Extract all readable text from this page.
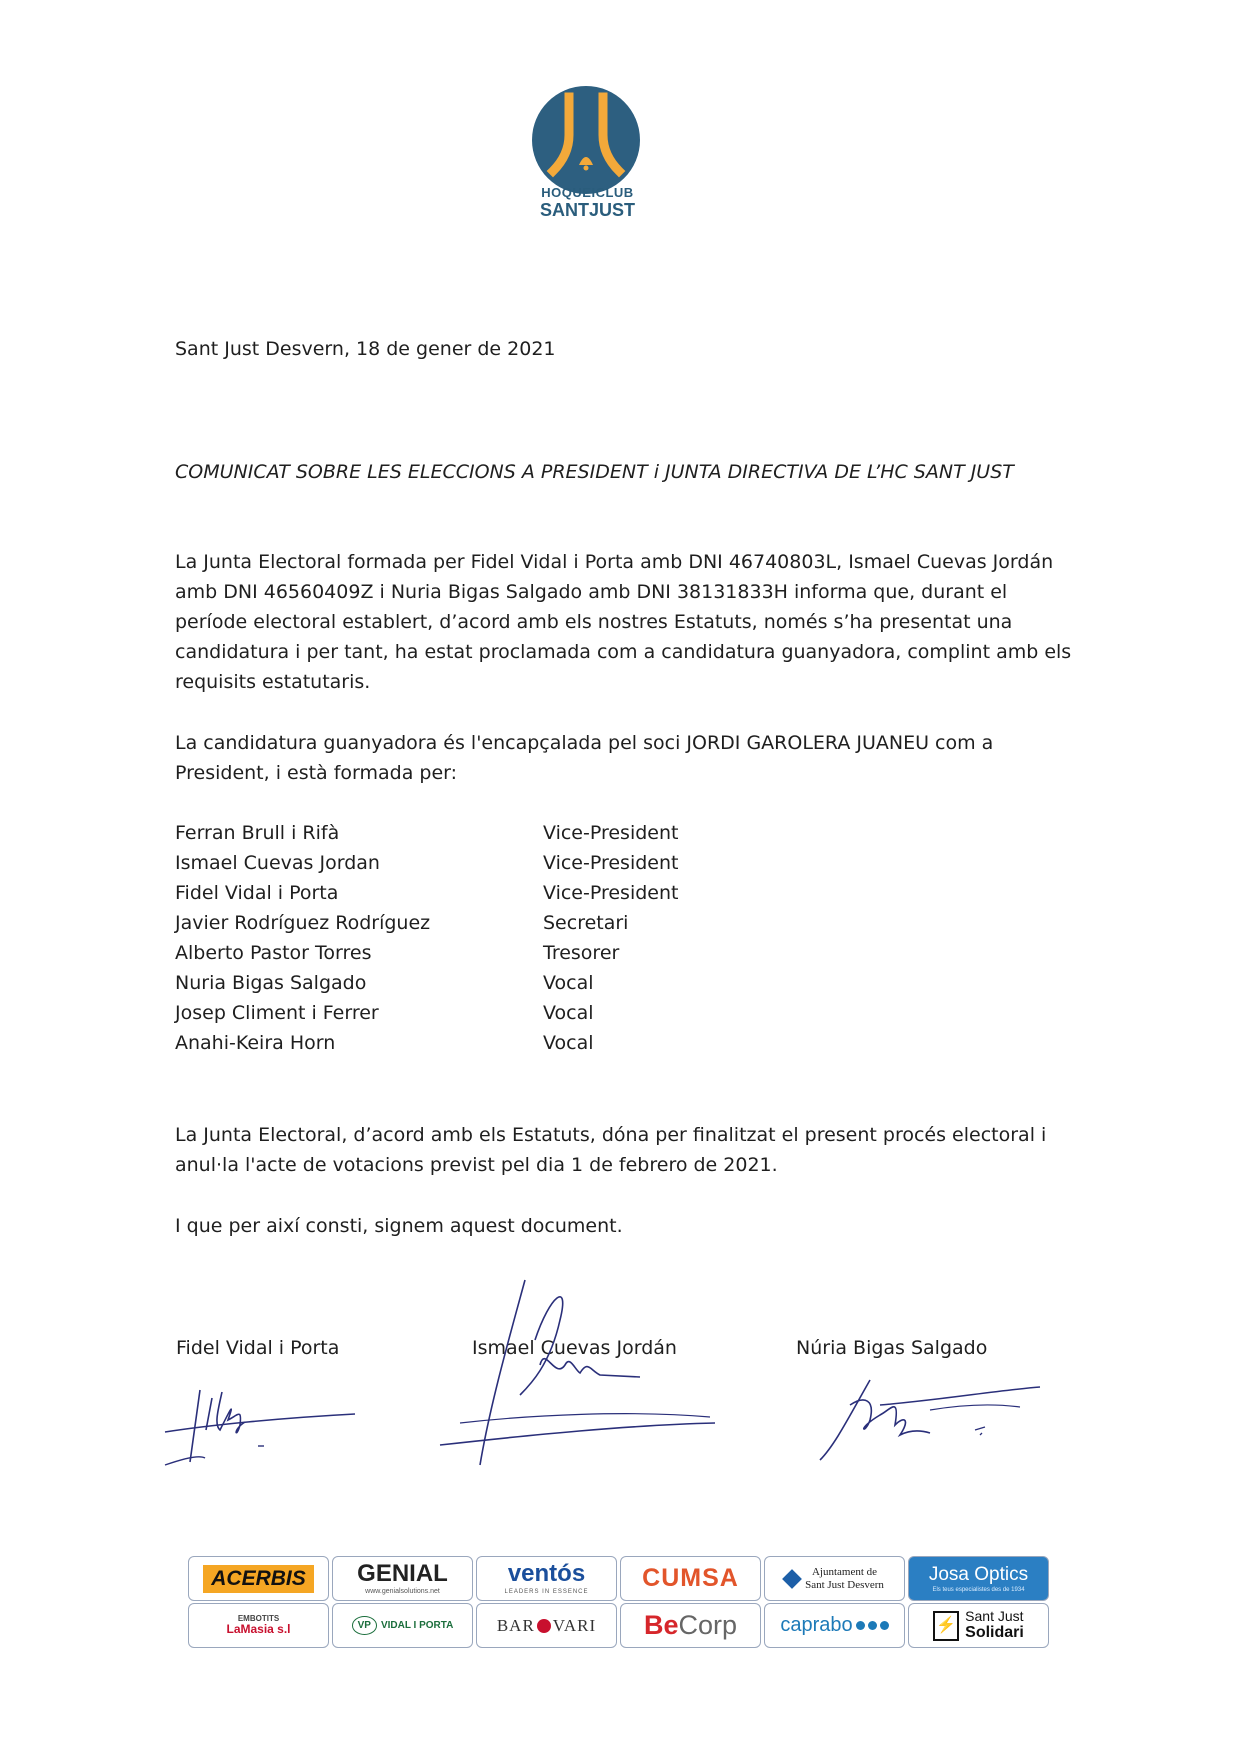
HOQUEICLUB
SANTJUST
Sant Just Desvern, 18 de gener de 2021
COMUNICAT SOBRE LES ELECCIONS A PRESIDENT i JUNTA DIRECTIVA DE L’HC SANT JUST
La Junta Electoral formada per Fidel Vidal i Porta amb DNI 46740803L, Ismael Cuevas Jordán amb DNI 46560409Z i Nuria Bigas Salgado amb DNI 38131833H informa que, durant el període electoral establert, d’acord amb els nostres Estatuts, només s’ha presentat una candidatura i per tant, ha estat proclamada com a candidatura guanyadora, complint amb els requisits estatutaris.
La candidatura guanyadora és l'encapçalada pel soci JORDI GAROLERA JUANEU com a President, i està formada per:
Ferran Brull i Rifà	Vice-President
Ismael Cuevas Jordan	Vice-President
Fidel Vidal i Porta	Vice-President
Javier Rodríguez Rodríguez	Secretari
Alberto Pastor Torres	Tresorer
Nuria Bigas Salgado	Vocal
Josep Climent i Ferrer	Vocal
Anahi-Keira Horn	Vocal
La Junta Electoral, d’acord amb els Estatuts, dóna per finalitzat el present procés electoral i anul·la l'acte de votacions previst pel dia 1 de febrero de 2021.
I que per així consti, signem aquest document.
Fidel Vidal i Porta	Ismael Cuevas Jordán	Núria Bigas Salgado
ACERBIS	GENIAL
www.genialsolutions.net
ventós
LEADERS IN ESSENCE CUMSA	Ajuntament de
Sant Just Desvern Josa Optics
Els teus especialistes des de 1934
EMBOTITS
LaMasia s.l	VP	VIDAL I PORTA	BAR VARI Be Corp caprabo	⚡
Sant Just
Solidari
